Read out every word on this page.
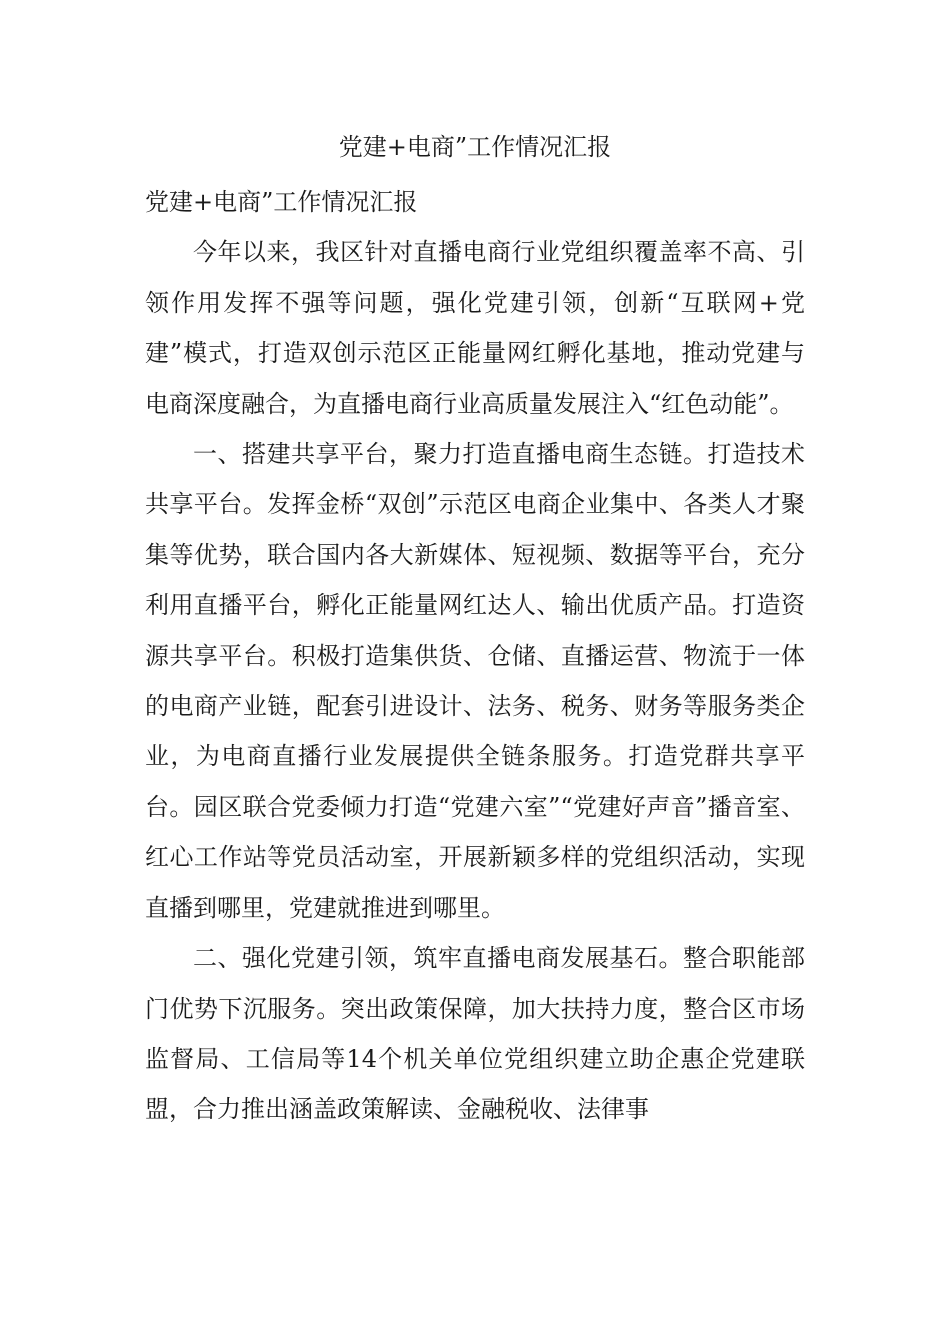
党建+电商”工作情况汇报

党建+电商”工作情况汇报

今年以来，我区针对直播电商行业党组织覆盖率不高、引领作用发挥不强等问题，强化党建引领，创新“互联网+党建”模式，打造双创示范区正能量网红孵化基地，推动党建与电商深度融合，为直播电商行业高质量发展注入“红色动能”。

一、搭建共享平台，聚力打造直播电商生态链。打造技术共享平台。发挥金桥“双创”示范区电商企业集中、各类人才聚集等优势，联合国内各大新媒体、短视频、数据等平台，充分利用直播平台，孵化正能量网红达人、输出优质产品。打造资源共享平台。积极打造集供货、仓储、直播运营、物流于一体的电商产业链，配套引进设计、法务、税务、财务等服务类企业，为电商直播行业发展提供全链条服务。打造党群共享平台。园区联合党委倾力打造“党建六室”“党建好声音”播音室、红心工作站等党员活动室，开展新颖多样的党组织活动，实现直播到哪里，党建就推进到哪里。

二、强化党建引领，筑牢直播电商发展基石。整合职能部门优势下沉服务。突出政策保障，加大扶持力度，整合区市场监督局、工信局等14个机关单位党组织建立助企惠企党建联盟，合力推出涵盖政策解读、金融税收、法律事
